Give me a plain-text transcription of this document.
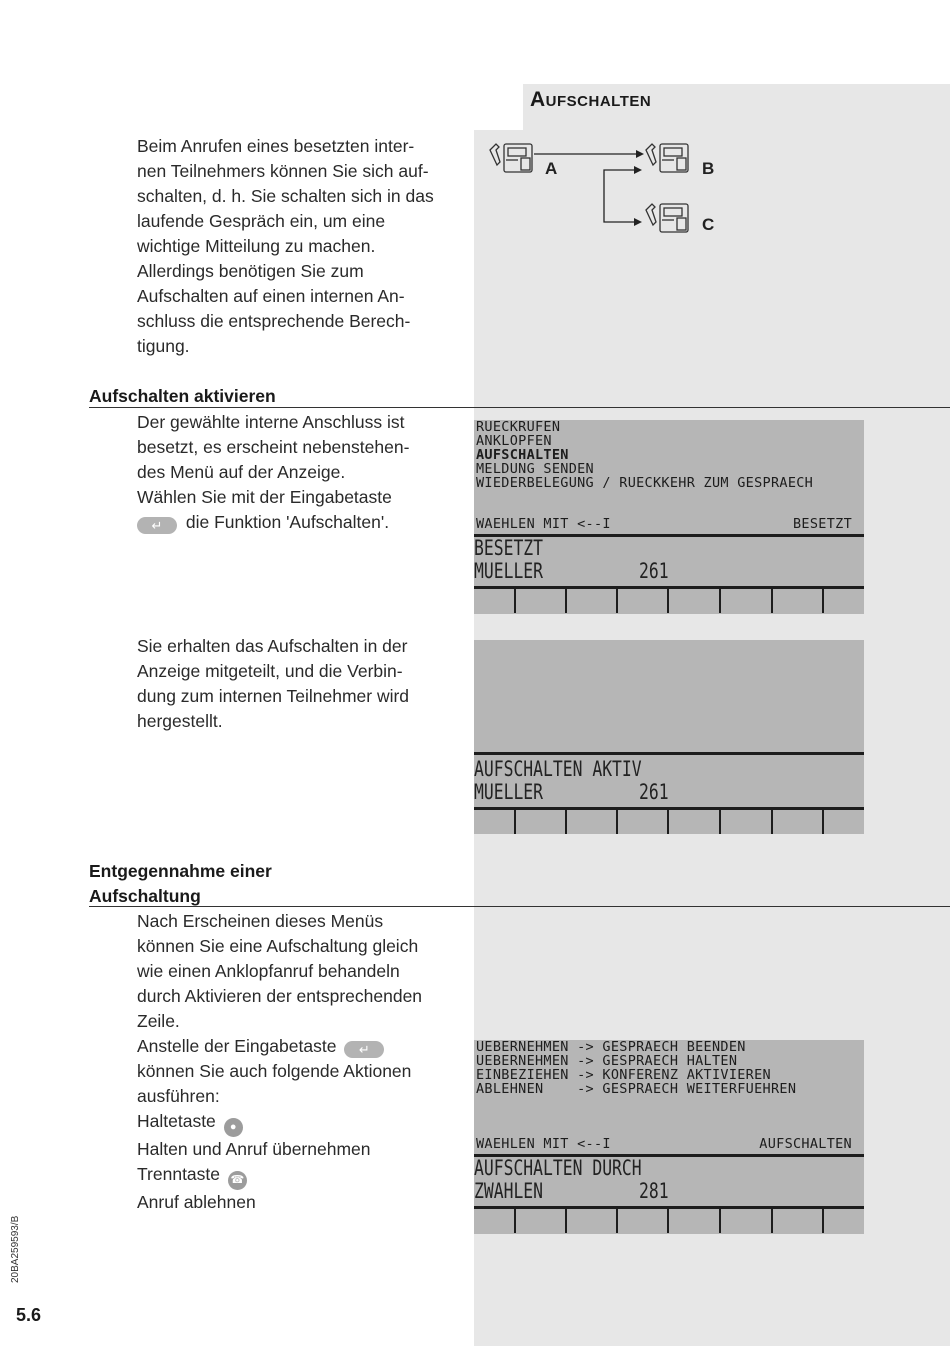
Aufschalten
Beim Anrufen eines besetzten inter-
nen Teilnehmers können Sie sich auf-
schalten, d. h. Sie schalten sich in das
laufende Gespräch ein, um eine
wichtige Mitteilung zu machen.
Allerdings benötigen Sie zum
Aufschalten auf einen internen An-
schluss die entsprechende Berech-
tigung.
A	B
C
Aufschalten aktivieren
Der gewählte interne Anschluss ist
besetzt, es erscheint nebenstehen-
des Menü auf der Anzeige.
Wählen Sie mit der Eingabetaste
↵ die Funktion 'Aufschalten'.
RUECKRUFEN
ANKLOPFEN
AUFSCHALTEN
MELDUNG SENDEN
WIEDERBELEGUNG / RUECKKEHR ZUM GESPRAECH
WAEHLEN MIT <--I	BESETZT
BESETZT
MUELLER	261
Sie erhalten das Aufschalten in der
Anzeige mitgeteilt, und die Verbin-
dung zum internen Teilnehmer wird
hergestellt.
AUFSCHALTEN AKTIV
MUELLER	261
Entgegennahme einer
Aufschaltung
Nach Erscheinen dieses Menüs
können Sie eine Aufschaltung gleich
wie einen Anklopfanruf behandeln
durch Aktivieren der entsprechenden
Zeile.
Anstelle der Eingabetaste ↵
können Sie auch folgende Aktionen
ausführen:
Haltetaste ●
Halten und Anruf übernehmen
Trenntaste ☎
Anruf ablehnen
UEBERNEHMEN -> GESPRAECH BEENDEN
UEBERNEHMEN -> GESPRAECH HALTEN
EINBEZIEHEN -> KONFERENZ AKTIVIEREN
ABLEHNEN    -> GESPRAECH WEITERFUEHREN
WAEHLEN MIT <--I	AUFSCHALTEN
AUFSCHALTEN DURCH
ZWAHLEN	281
20BA259593/B
5.6
